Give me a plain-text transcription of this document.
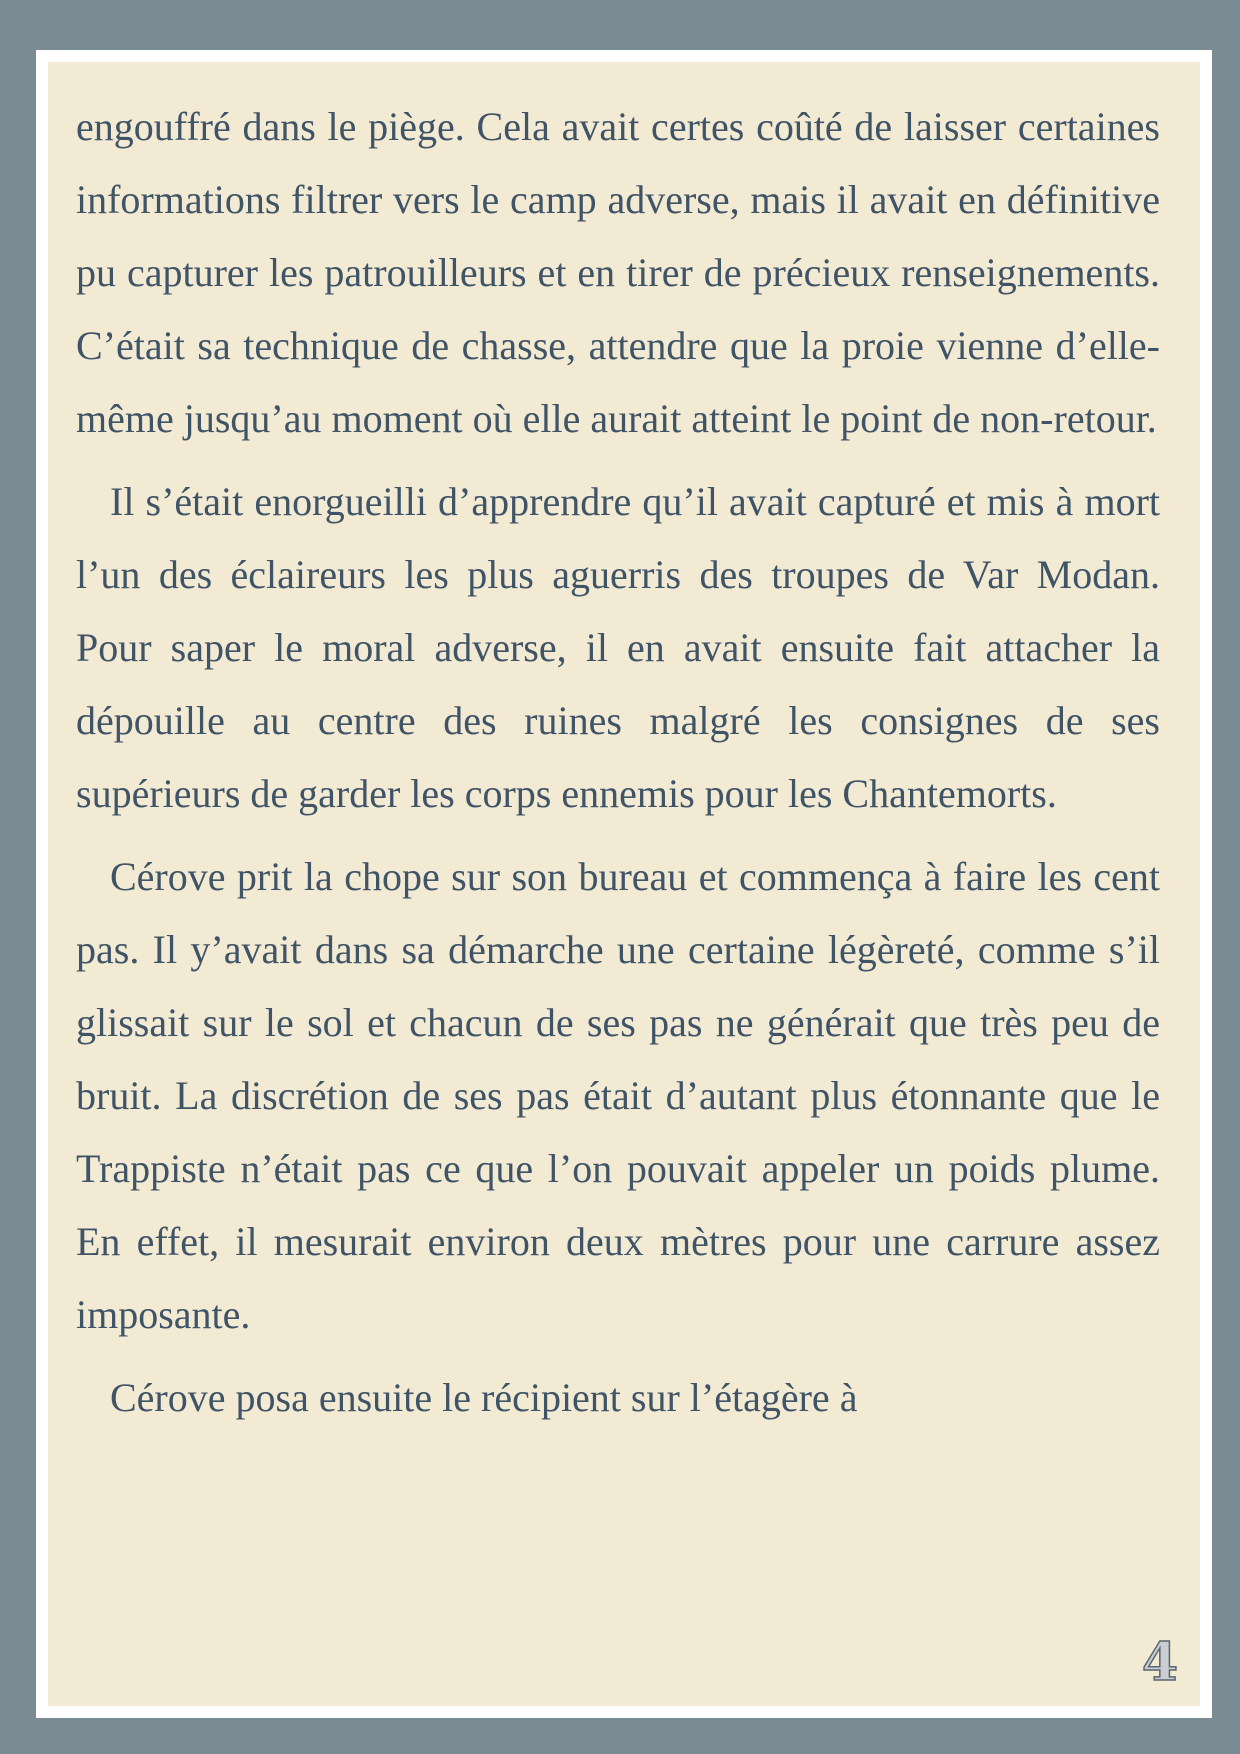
engouffré dans le piège. Cela avait certes coûté de laisser certaines informations filtrer vers le camp adverse, mais il avait en définitive pu capturer les patrouilleurs et en tirer de précieux renseignements. C’était sa technique de chasse, attendre que la proie vienne d’elle-même jusqu’au moment où elle aurait atteint le point de non-retour.

Il s’était enorgueilli d’apprendre qu’il avait capturé et mis à mort l’un des éclaireurs les plus aguerris des troupes de Var Modan. Pour saper le moral adverse, il en avait ensuite fait attacher la dépouille au centre des ruines malgré les consignes de ses supérieurs de garder les corps ennemis pour les Chantemorts.

Cérove prit la chope sur son bureau et commença à faire les cent pas. Il y’avait dans sa démarche une certaine légèreté, comme s’il glissait sur le sol et chacun de ses pas ne générait que très peu de bruit. La discrétion de ses pas était d’autant plus étonnante que le Trappiste n’était pas ce que l’on pouvait appeler un poids plume. En effet, il mesurait environ deux mètres pour une carrure assez imposante.

Cérove posa ensuite le récipient sur l’étagère à

4
